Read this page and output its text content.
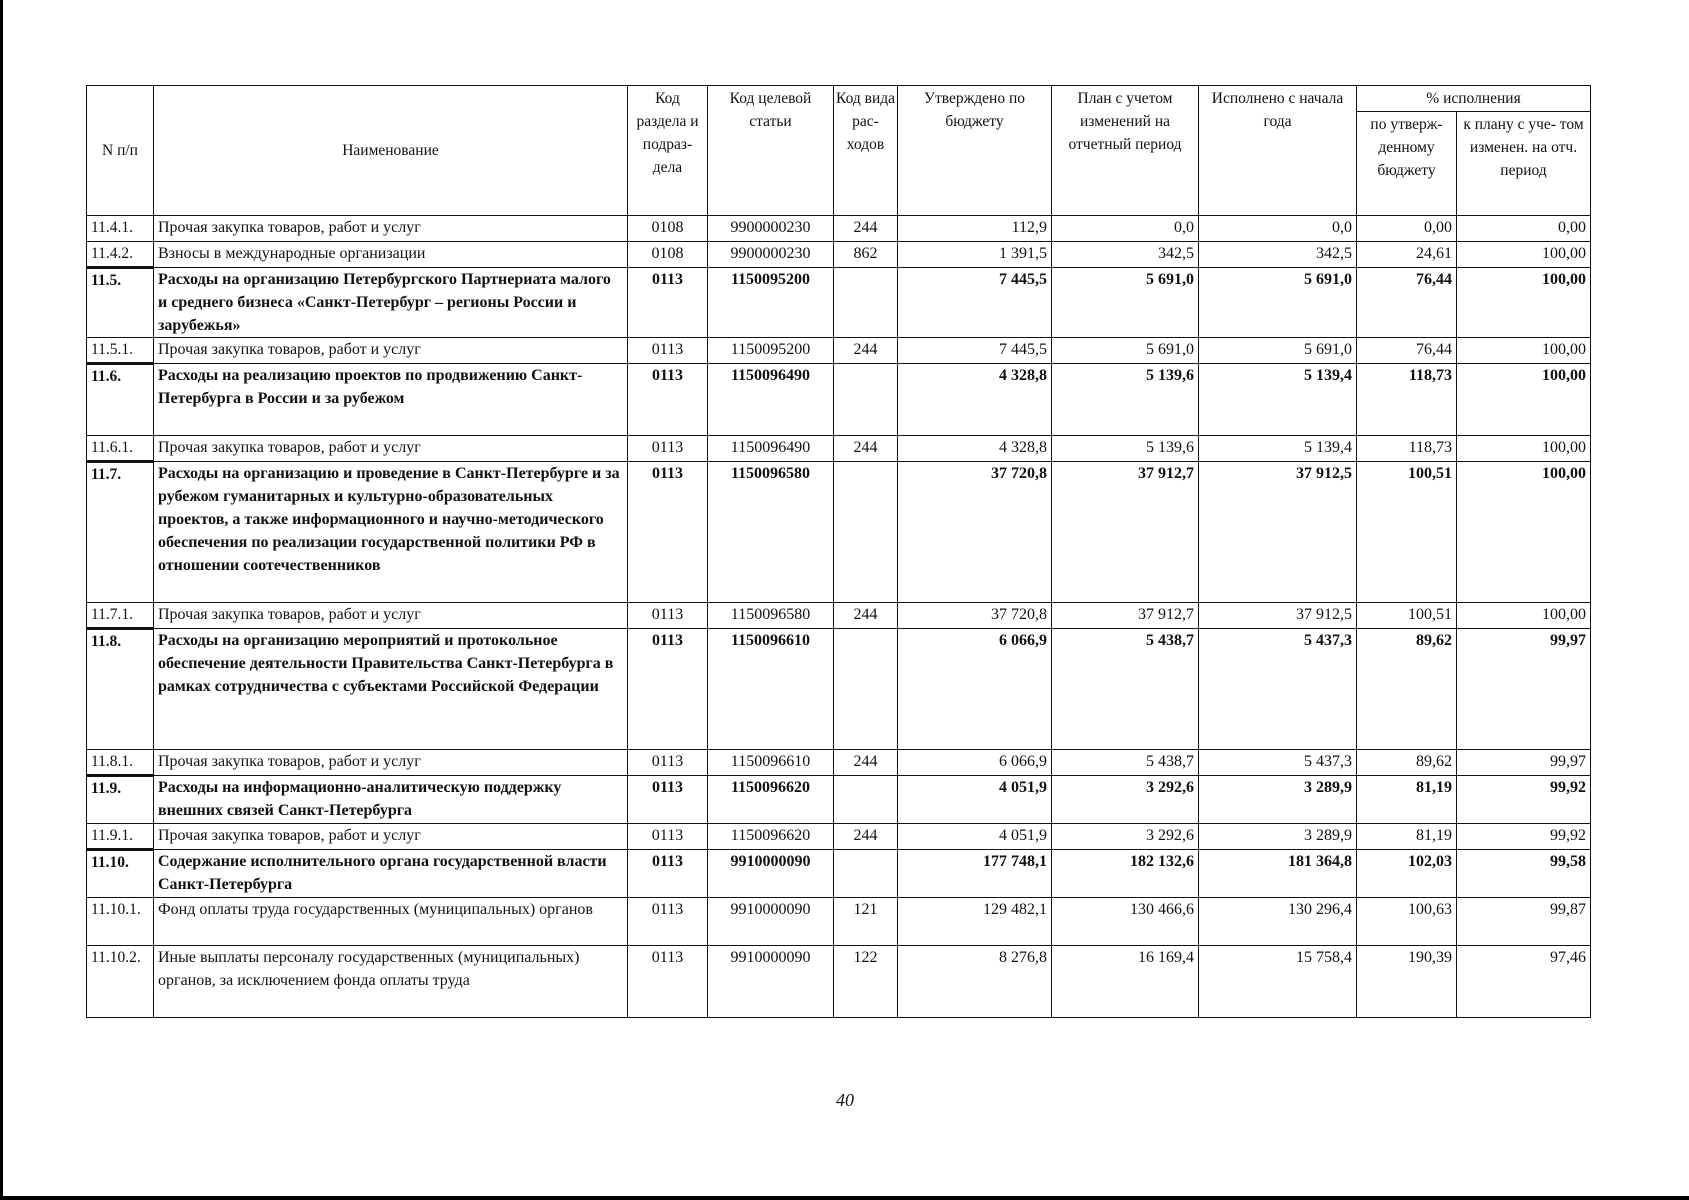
N п/п	Наименование	Код раздела и подраз- дела	Код целевой статьи	Код вида рас- ходов	Утверждено по бюджету	План с учетом изменений на отчетный период	Исполнено с начала года	% исполнения	
								по утверж- денному бюджету	к плану с уче- том изменен. на отч. период
11.4.1.	Прочая закупка товаров, работ и услуг	0108	9900000230	244	112,9	0,0	0,0	0,00	0,00
11.4.2.	Взносы в международные организации	0108	9900000230	862	1 391,5	342,5	342,5	24,61	100,00
11.5.	Расходы на организацию Петербургского Партнериата малого и среднего бизнеса «Санкт-Петербург – регионы России и зарубежья»	0113	1150095200		7 445,5	5 691,0	5 691,0	76,44	100,00
11.5.1.	Прочая закупка товаров, работ и услуг	0113	1150095200	244	7 445,5	5 691,0	5 691,0	76,44	100,00
11.6.	Расходы на реализацию проектов по продвижению Санкт-Петербурга в России и за рубежом	0113	1150096490		4 328,8	5 139,6	5 139,4	118,73	100,00
11.6.1.	Прочая закупка товаров, работ и услуг	0113	1150096490	244	4 328,8	5 139,6	5 139,4	118,73	100,00
11.7.	Расходы на организацию и проведение в Санкт-Петербурге и за рубежом гуманитарных и культурно-образовательных проектов, а также информационного и научно-методического обеспечения по реализации государственной политики РФ в отношении соотечественников	0113	1150096580		37 720,8	37 912,7	37 912,5	100,51	100,00
11.7.1.	Прочая закупка товаров, работ и услуг	0113	1150096580	244	37 720,8	37 912,7	37 912,5	100,51	100,00
11.8.	Расходы на организацию мероприятий и протокольное обеспечение деятельности Правительства Санкт-Петербурга в рамках сотрудничества с субъектами Российской Федерации	0113	1150096610		6 066,9	5 438,7	5 437,3	89,62	99,97
11.8.1.	Прочая закупка товаров, работ и услуг	0113	1150096610	244	6 066,9	5 438,7	5 437,3	89,62	99,97
11.9.	Расходы на информационно-аналитическую поддержку внешних связей Санкт-Петербурга	0113	1150096620		4 051,9	3 292,6	3 289,9	81,19	99,92
11.9.1.	Прочая закупка товаров, работ и услуг	0113	1150096620	244	4 051,9	3 292,6	3 289,9	81,19	99,92
11.10.	Содержание исполнительного органа государственной власти Санкт-Петербурга	0113	9910000090		177 748,1	182 132,6	181 364,8	102,03	99,58
11.10.1.	Фонд оплаты труда государственных (муниципальных) органов	0113	9910000090	121	129 482,1	130 466,6	130 296,4	100,63	99,87
11.10.2.	Иные выплаты персоналу государственных (муниципальных) органов, за исключением фонда оплаты труда	0113	9910000090	122	8 276,8	16 169,4	15 758,4	190,39	97,46
40
